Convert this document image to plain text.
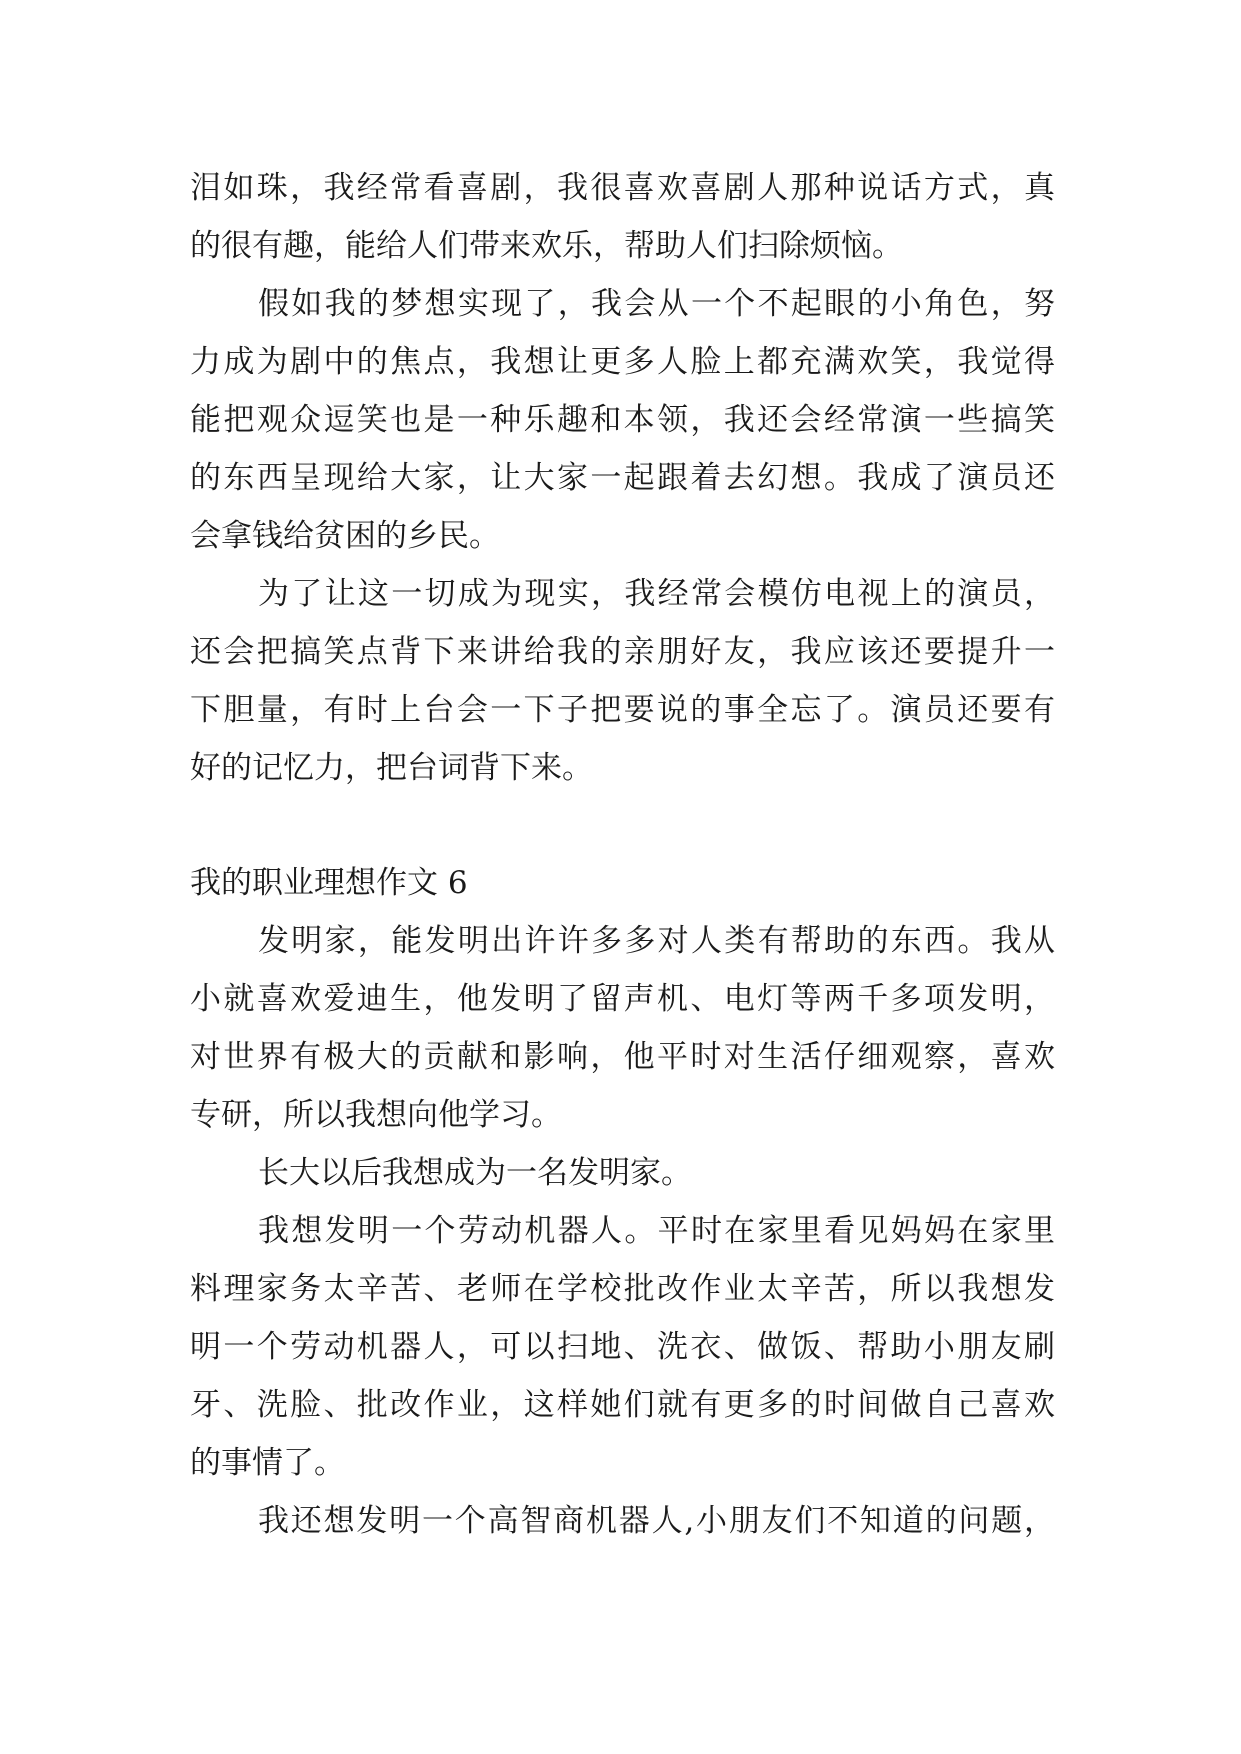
泪如珠，我经常看喜剧，我很喜欢喜剧人那种说话方式，真
的很有趣，能给人们带来欢乐，帮助人们扫除烦恼。
假如我的梦想实现了，我会从一个不起眼的小角色，努
力成为剧中的焦点，我想让更多人脸上都充满欢笑，我觉得
能把观众逗笑也是一种乐趣和本领，我还会经常演一些搞笑
的东西呈现给大家，让大家一起跟着去幻想。我成了演员还
会拿钱给贫困的乡民。
为了让这一切成为现实，我经常会模仿电视上的演员，
还会把搞笑点背下来讲给我的亲朋好友，我应该还要提升一
下胆量，有时上台会一下子把要说的事全忘了。演员还要有
好的记忆力，把台词背下来。
我的职业理想作文 6
发明家，能发明出许许多多对人类有帮助的东西。我从
小就喜欢爱迪生，他发明了留声机、电灯等两千多项发明，
对世界有极大的贡献和影响，他平时对生活仔细观察，喜欢
专研，所以我想向他学习。
长大以后我想成为一名发明家。
我想发明一个劳动机器人。平时在家里看见妈妈在家里
料理家务太辛苦、老师在学校批改作业太辛苦，所以我想发
明一个劳动机器人，可以扫地、洗衣、做饭、帮助小朋友刷
牙、洗脸、批改作业，这样她们就有更多的时间做自己喜欢
的事情了。
我还想发明一个高智商机器人,小朋友们不知道的问题，
